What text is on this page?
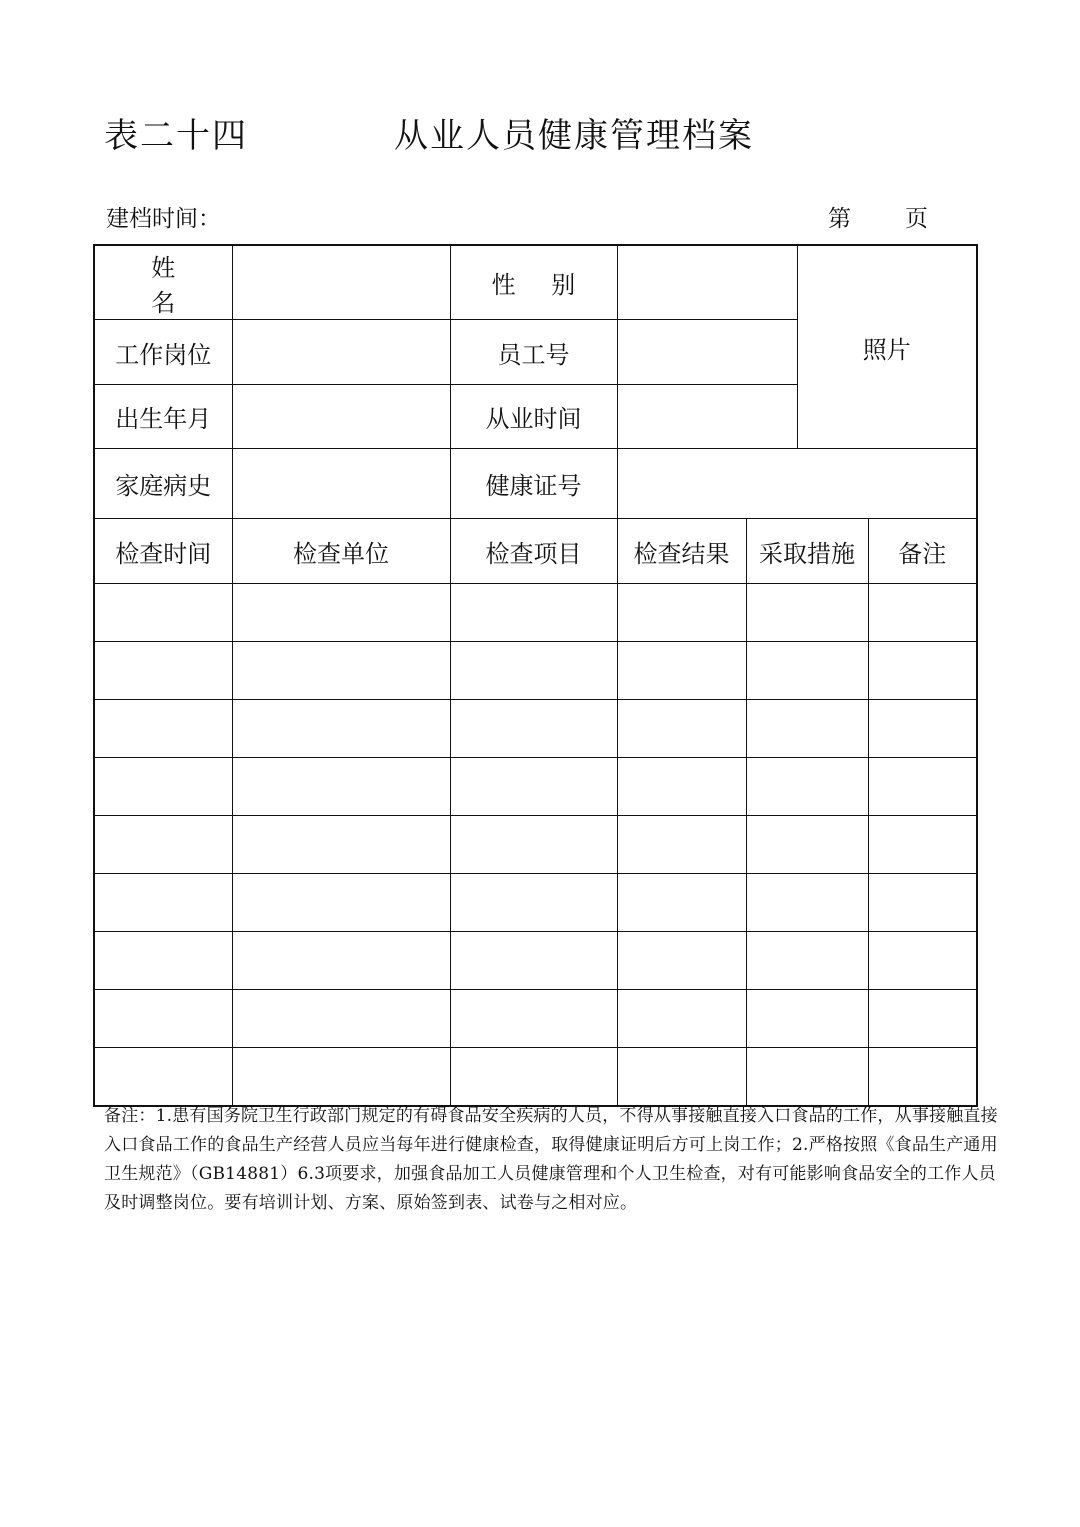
表二十四	从业人员健康管理档案
建档时间：	第 页
姓 名		性 别			照片	
工作岗位		员工号				
出生年月		从业时间				
家庭病史		健康证号				
检查时间	检查单位	检查项目	检查结果	采取措施		备注

备注：1.患有国务院卫生行政部门规定的有碍食品安全疾病的人员，不得从事接触直接入口食品的工作，从事接触直接入口食品工作的食品生产经营人员应当每年进行健康检查，取得健康证明后方可上岗工作；2.严格按照《食品生产通用卫生规范》（GB14881）6.3项要求，加强食品加工人员健康管理和个人卫生检查，对有可能影响食品安全的工作人员及时调整岗位。要有培训计划、方案、原始签到表、试卷与之相对应。
